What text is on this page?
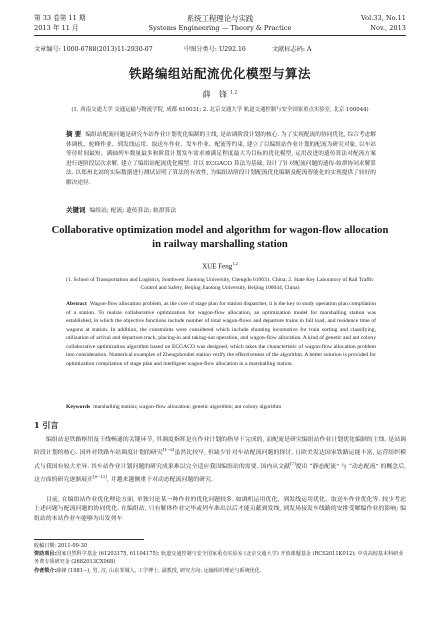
第 33 卷第 11 期	系统工程理论与实践	Vol.33, No.11
2013 年 11 月	Systems Engineering — Theory & Practice	Nov., 2013
文章编号: 1000-6788(2013)11-2930-07	中图分类号: U292.16	文献标志码: A
铁路编组站配流优化模型与算法
薛 锋$^{1,2}$
(1. 西南交通大学 交通运输与物流学院, 成都 610031; 2. 北京交通大学 轨道交通控制与安全国家重点实验室, 北京 100044)
摘 要 编组站配流问题是研究车站作业计划优化编制的主线, 是站调阶段计划的核心. 为了实现配流的协同优化, 综合考虑解体调机、驼峰作业、到发线运用、取送车作业、发车作业、配流等约束, 建立了以编组站作业计划的配流为研究对象, 以车站等待时间最短、满轴列车数量最多和阶段计划发车需求被满足程度最大为目标的优化模型, 运用改进的遗传算法对配流方案进行逐阶段层次求解, 建立了编组站配流优化模型. 并以 ECGACO 算法为基础, 设计了针对配流问题的遗传-蚁群协同求解算法. 以郑州北站的实际数据进行测试证明了算法的有效性, 为编组站阶段计划配流优化编制及配流智能化的实现提供了较好的解决途径.
关键词 编组站; 配流; 遗传算法; 蚁群算法
Collaborative optimization model and algorithm for wagon-flow allocation in railway marshalling station
XUE Feng$^{1,2}$
(1. School of Transportation and Logistics, Southwest Jiaotong University, Chengdu 610031, China; 2. State Key Laboratory of Rail Traffic Control and Safety, Beijing Jiaotong University, Beijing 100044, China)
Abstract Wagon-flow allocation problem, as the core of stage plan for station dispatcher, it is the key to study operation plan compilation of a station. To realize collaborative optimization for wagon-flow allocation, an optimization model for marshalling station was established, in which the objective functions include number of total wagon-flows and departure trains in full load, and residence time of wagons at station. In addition, the constraints were considered which include shunting locomotive for train sorting and classifying, utilization of arrival and departure track, placing-in and taking-out operation, and wagon-flow allocation. A kind of genetic and ant colony collaborative optimization algorithm based on ECGACO was designed, which takes the characteristic of wagon-flow allocation problem into consideration. Numerical examples of Zhengzhoubei station verify the effectiveness of the algorithm. A better solution is provided for optimization compilation of stage plan and intelligent wagon-flow allocation in a marshalling station.
Keywords marshalling station; wagon-flow allocation; genetic algorithm; ant colony algorithm
1 引言
编组站是铁路枢纽及干线畅通的关键环节, 其调度指挥是在作业计划的指导下完成的, 而配流是研究编组站作业计划优化编制的主线. 是站调阶段计划的核心. 国外对铁路车站调度计划的研究[1−6]虽然比较早, 但缺少针对车站配流问题的探讨, 且欧美发达国家铁路运能丰富, 运营组织模式与我国有较大差异. 其车站作业计划问题的研究成果难以完全适应我国编组站的需要. 国内从文献[7]提出 “静态配流” 与 “动态配流” 的概念后, 这方面的研究逐渐展开[8−12], 并越来越侧重于对动态配流问题的研究.
目前, 在编组站作业优化理论方面, 单独讨论某一种作业的优化问题较多. 如调机运用优化、到发线运用优化、取送车作业优化等. 较少考虑上述问题与配流问题的协同优化. 在编组站, 只有解体作业完毕或列车准出以后才能贡献到发线, 到发场接发车线路的安排受解编作业的影响; 编组站的本站作业车能够为出发列车
收稿日期: 2011-09-30
资助项目:国家自然科学基金 (61203175, 61104175); 轨道交通控制与安全国家重点实验室 (北京交通大学) 开放课题基金 (RCS2011K012); 中央高校基本科研业务费专项研究金 (2682013CX068)
作者简介:薛锋 (1981−), 男, 汉, 山东邹城人, 工学博士, 副教授, 研究方向: 运输组织理论与系统优化.
